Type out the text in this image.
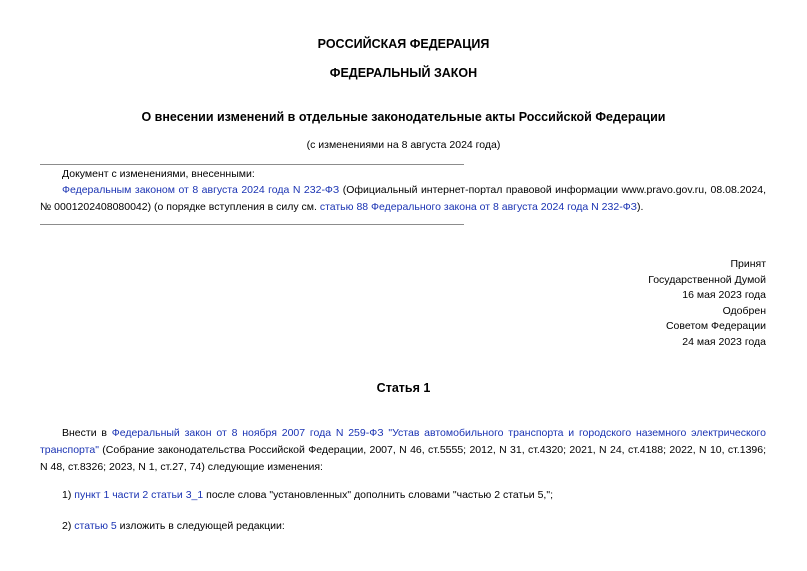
РОССИЙСКАЯ ФЕДЕРАЦИЯ
ФЕДЕРАЛЬНЫЙ ЗАКОН
О внесении изменений в отдельные законодательные акты Российской Федерации
(с изменениями на 8 августа 2024 года)
Документ с изменениями, внесенными:
Федеральным законом от 8 августа 2024 года N 232-ФЗ (Официальный интернет-портал правовой информации www.pravo.gov.ru, 08.08.2024, № 0001202408080042) (о порядке вступления в силу см. статью 88 Федерального закона от 8 августа 2024 года N 232-ФЗ).
Принят
Государственной Думой
16 мая 2023 года
Одобрен
Советом Федерации
24 мая 2023 года
Статья 1
Внести в Федеральный закон от 8 ноября 2007 года N 259-ФЗ "Устав автомобильного транспорта и городского наземного электрического транспорта" (Собрание законодательства Российской Федерации, 2007, N 46, ст.5555; 2012, N 31, ст.4320; 2021, N 24, ст.4188; 2022, N 10, ст.1396; N 48, ст.8326; 2023, N 1, ст.27, 74) следующие изменения:
1) пункт 1 части 2 статьи 3_1 после слова "установленных" дополнить словами "частью 2 статьи 5,";
2) статью 5 изложить в следующей редакции:
